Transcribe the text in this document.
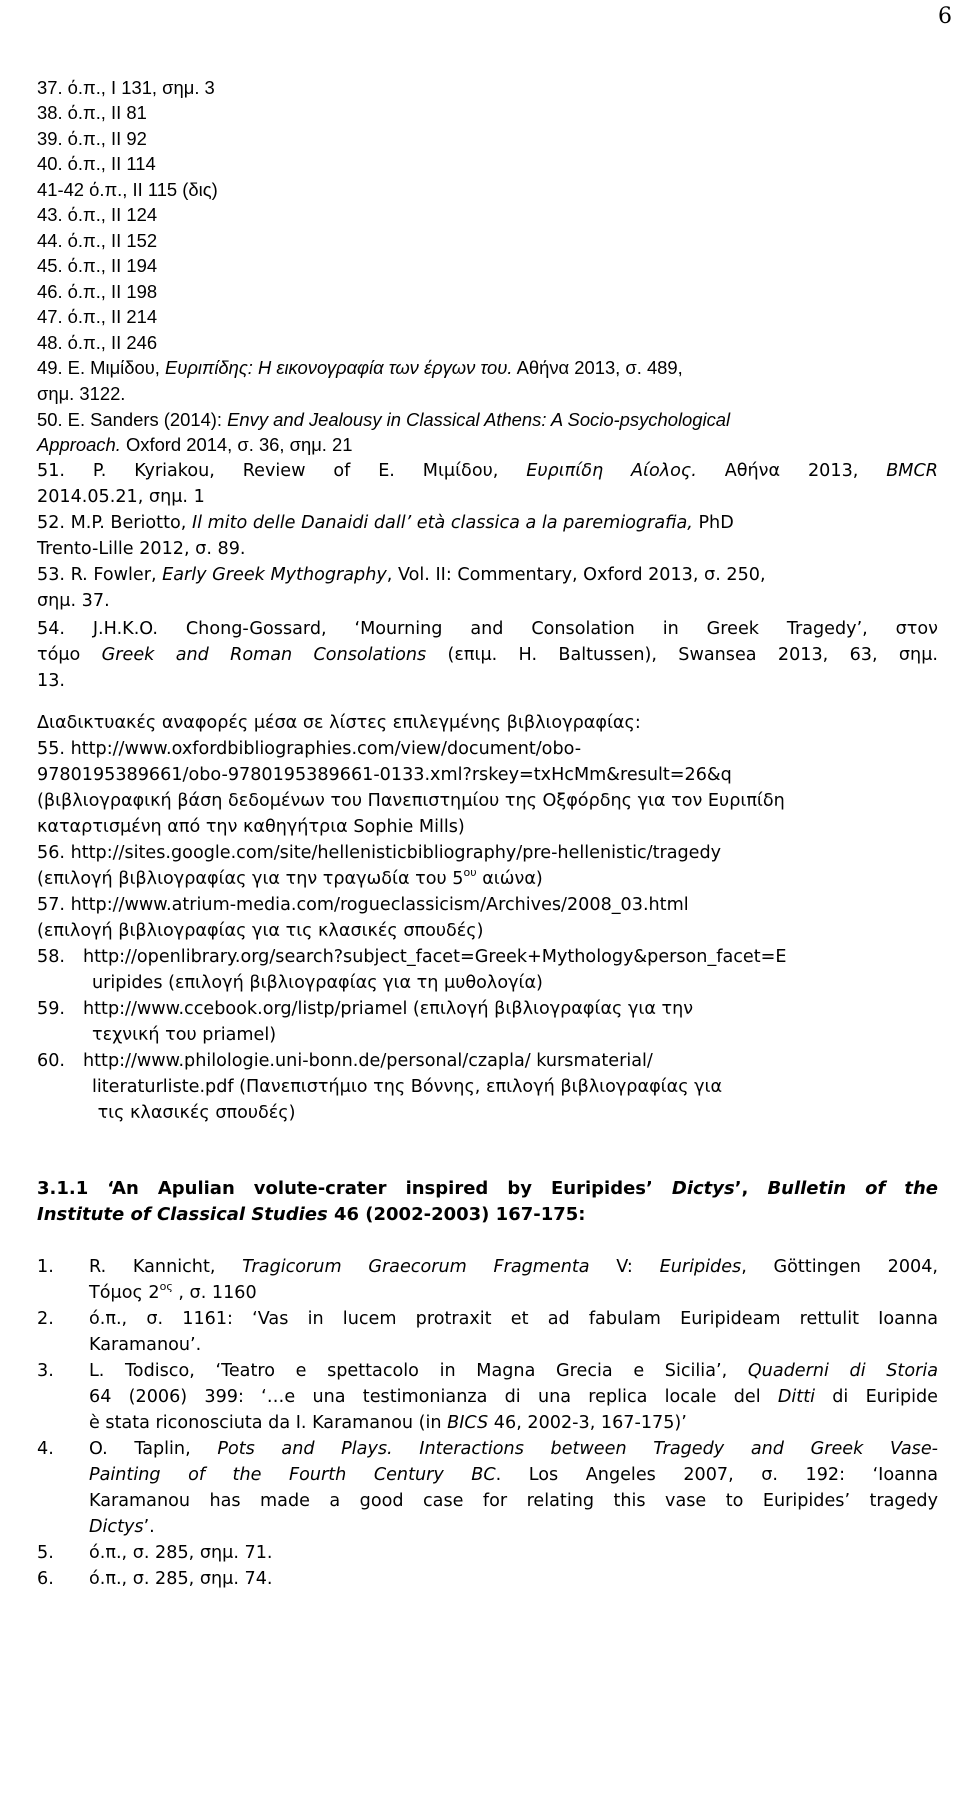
6
37. ό.π., Ι 131, σημ. 3
38. ό.π., ΙΙ 81
39. ό.π., ΙΙ 92
40. ό.π., ΙΙ 114
41-42 ό.π., ΙΙ 115 (δις)
43. ό.π., ΙΙ 124
44. ό.π., ΙΙ 152
45. ό.π., ΙΙ 194
46. ό.π., ΙΙ 198
47. ό.π., ΙΙ 214
48. ό.π., ΙΙ 246
49. Ε. Μιμίδου, Ευριπίδης: Η εικονογραφία των έργων του. Αθήνα 2013, σ. 489,
σημ. 3122.
50. E. Sanders (2014): Envy and Jealousy in Classical Athens: A Socio-psychological
Approach. Oxford 2014, σ. 36, σημ. 21
51. P. Kyriakou, Review of Ε. Μιμίδου, Ευριπίδη Αίολος. Αθήνα 2013, BMCR
2014.05.21, σημ. 1
52. M.P. Beriotto, Il mito delle Danaidi dall’ età classica a la paremiografia, PhD
Trento-Lille 2012, σ. 89.
53. R. Fowler, Early Greek Mythography, Vol. II: Commentary, Oxford 2013, σ. 250,
σημ. 37.
54. J.H.K.O. Chong-Gossard, ‘Mourning and Consolation in Greek Tragedy’, στον
τόμο Greek and Roman Consolations (επιμ. H. Baltussen), Swansea 2013, 63, σημ.
13.
Διαδικτυακές αναφορές μέσα σε λίστες επιλεγμένης βιβλιογραφίας:
55. http://www.oxfordbibliographies.com/view/document/obo-
9780195389661/obo-9780195389661-0133.xml?rskey=txHcMm&result=26&q
(βιβλιογραφική βάση δεδομένων του Πανεπιστημίου της Οξφόρδης για τον Ευριπίδη
καταρτισμένη από την καθηγήτρια Sophie Mills)
56. http://sites.google.com/site/hellenisticbibliography/pre-hellenistic/tragedy
(επιλογή βιβλιογραφίας για την τραγωδία του $5^{o\upsilon}$ αιώνα)
57. http://www.atrium-media.com/rogueclassicism/Archives/2008_03.html
(επιλογή βιβλιογραφίας για τις κλασικές σπουδές)
58. http://openlibrary.org/search?subject_facet=Greek+Mythology&person_facet=E
uripides (επιλογή βιβλιογραφίας για τη μυθολογία)
59. http://www.ccebook.org/listp/priamel (επιλογή βιβλιογραφίας για την
τεχνική του priamel)
60. http://www.philologie.uni-bonn.de/personal/czapla/ kursmaterial/
literaturliste.pdf (Πανεπιστήμιο της Βόννης, επιλογή βιβλιογραφίας για
τις κλασικές σπουδές)
3.1.1 ‘An Apulian volute-crater inspired by Euripides’ Dictys’, Bulletin of the
Institute of Classical Studies 46 (2002-2003) 167-175:
1. R. Kannicht, Tragicorum Graecorum Fragmenta V: Euripides, Göttingen 2004,
Τόμος $2^{o\varsigma}$ , σ. 1160
2. ό.π., σ. 1161: ‘Vas in lucem protraxit et ad fabulam Euripideam rettulit Ioanna
Karamanou’.
3. L. Todisco, ‘Teatro e spettacolo in Magna Grecia e Sicilia’, Quaderni di Storia
64 (2006) 399: ‘…e una testimonianza di una replica locale del Ditti di Euripide
è stata riconosciuta da I. Karamanou (in BICS 46, 2002-3, 167-175)’
4. O. Taplin, Pots and Plays. Interactions between Tragedy and Greek Vase-
Painting of the Fourth Century BC. Los Angeles 2007, σ. 192: ‘Ioanna
Karamanou has made a good case for relating this vase to Euripides’ tragedy
Dictys’.
5. ό.π., σ. 285, σημ. 71.
6. ό.π., σ. 285, σημ. 74.
